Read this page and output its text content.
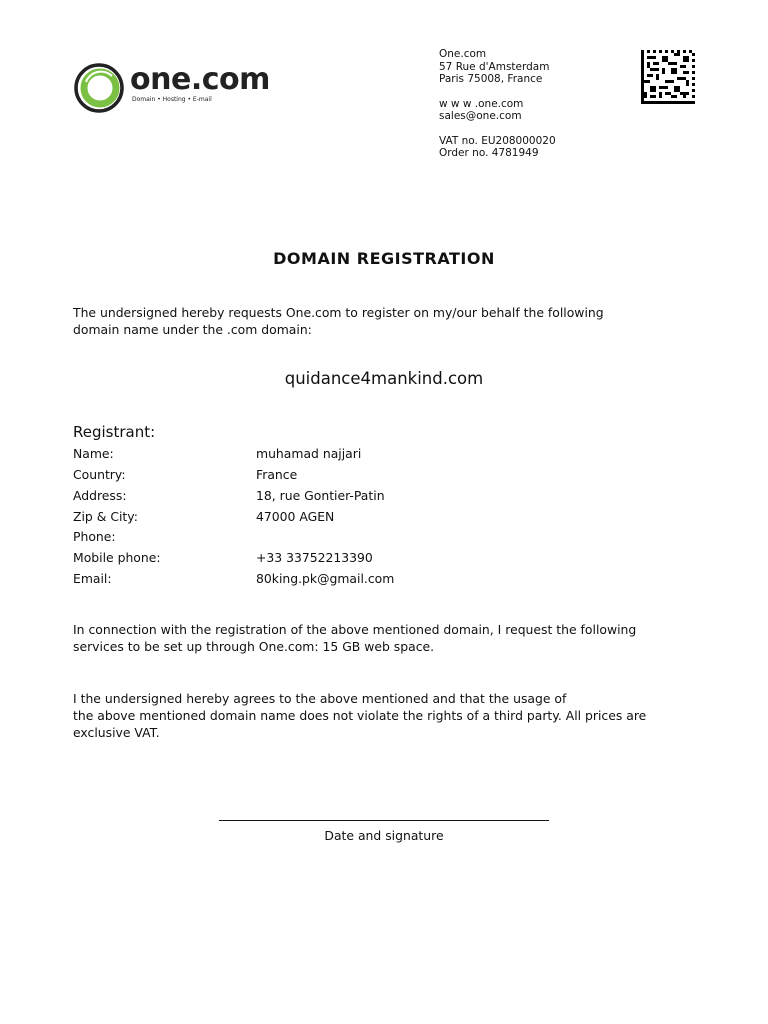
one.com
Domain • Hosting • E-mail
One.com
57 Rue d'Amsterdam
Paris 75008, France
w w w .one.com
sales@one.com
VAT no. EU208000020
Order no. 4781949
DOMAIN REGISTRATION
The undersigned hereby requests One.com to register on my/our behalf the following
domain name under the .com domain:
quidance4mankind.com
Registrant:
Name:	muhamad najjari
Country:	France
Address:	18, rue Gontier-Patin
Zip & City:	47000 AGEN
Phone:
Mobile phone:	+33 33752213390
Email:	80king.pk@gmail.com
In connection with the registration of the above mentioned domain, I request the following
services to be set up through One.com: 15 GB web space.
I the undersigned hereby agrees to the above mentioned and that the usage of
the above mentioned domain name does not violate the rights of a third party. All prices are
exclusive VAT.
Date and signature
